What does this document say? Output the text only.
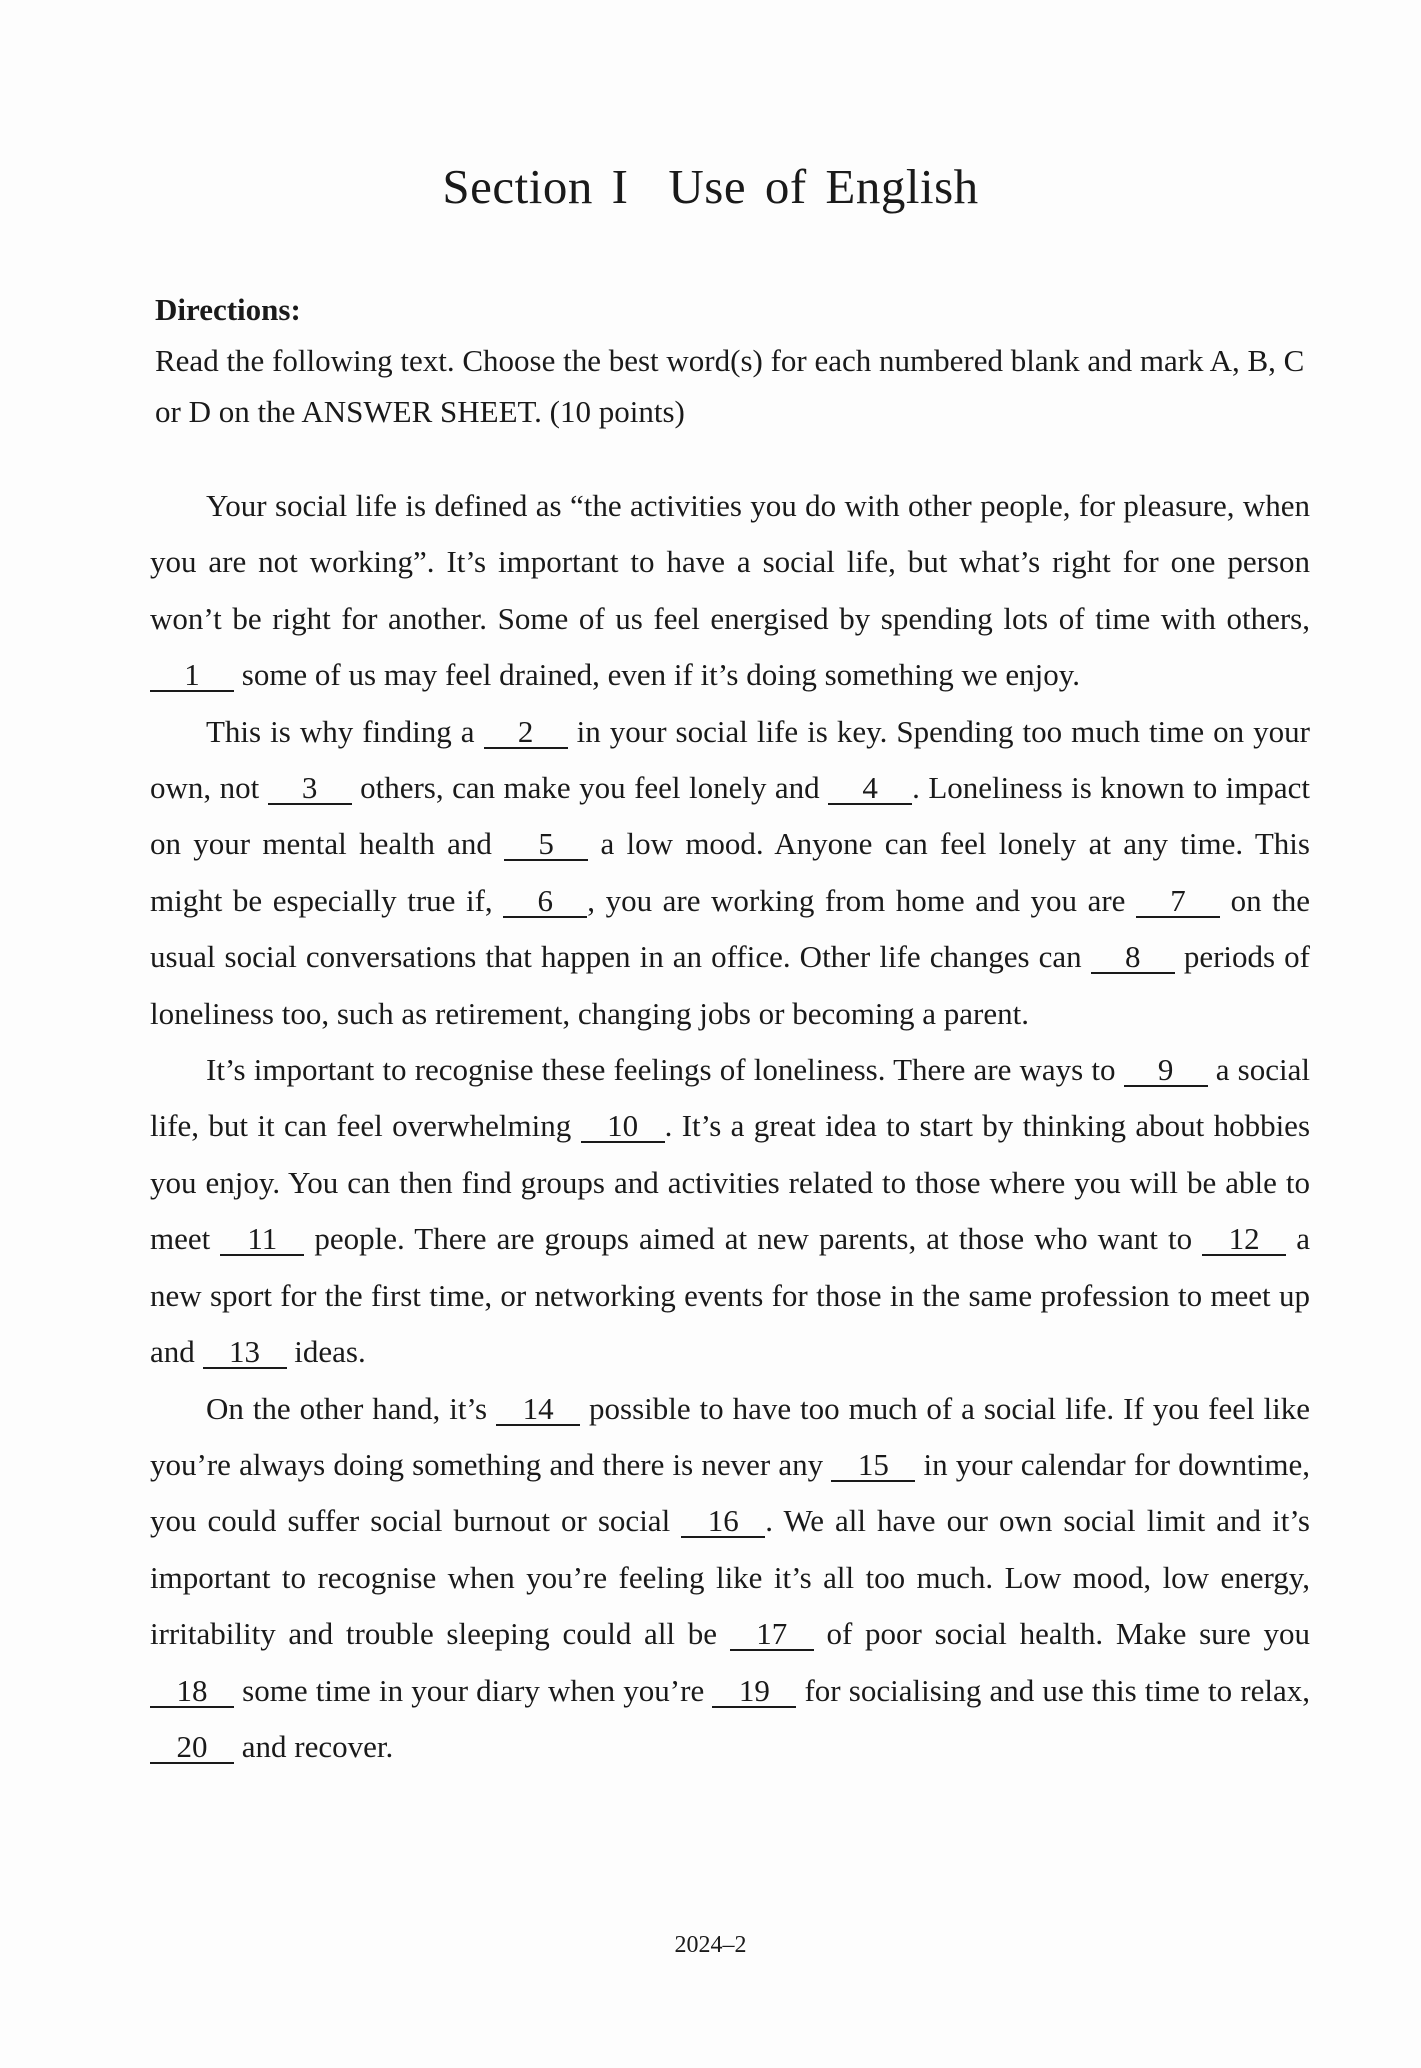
Section I Use of English
Directions:
Read the following text. Choose the best word(s) for each numbered blank and mark A, B, C or D on the ANSWER SHEET. (10 points)

Your social life is defined as “the activities you do with other people, for pleasure, when you are not working”. It’s important to have a social life, but what’s right for one person won’t be right for another. Some of us feel energised by spending lots of time with others, 1 some of us may feel drained, even if it’s doing something we enjoy.

This is why finding a 2 in your social life is key. Spending too much time on your own, not 3 others, can make you feel lonely and 4 . Loneliness is known to impact on your mental health and 5 a low mood. Anyone can feel lonely at any time. This might be especially true if, 6 , you are working from home and you are 7 on the usual social conversations that happen in an office. Other life changes can 8 periods of loneliness too, such as retirement, changing jobs or becoming a parent.

It’s important to recognise these feelings of loneliness. There are ways to 9 a social life, but it can feel overwhelming 10 . It’s a great idea to start by thinking about hobbies you enjoy. You can then find groups and activities related to those where you will be able to meet 11 people. There are groups aimed at new parents, at those who want to 12 a new sport for the first time, or networking events for those in the same profession to meet up and 13 ideas.

On the other hand, it’s 14 possible to have too much of a social life. If you feel like you’re always doing something and there is never any 15 in your calendar for downtime, you could suffer social burnout or social 16 . We all have our own social limit and it’s important to recognise when you’re feeling like it’s all too much. Low mood, low energy, irritability and trouble sleeping could all be 17 of poor social health. Make sure you 18 some time in your diary when you’re 19 for socialising and use this time to relax, 20 and recover.

2024–2
